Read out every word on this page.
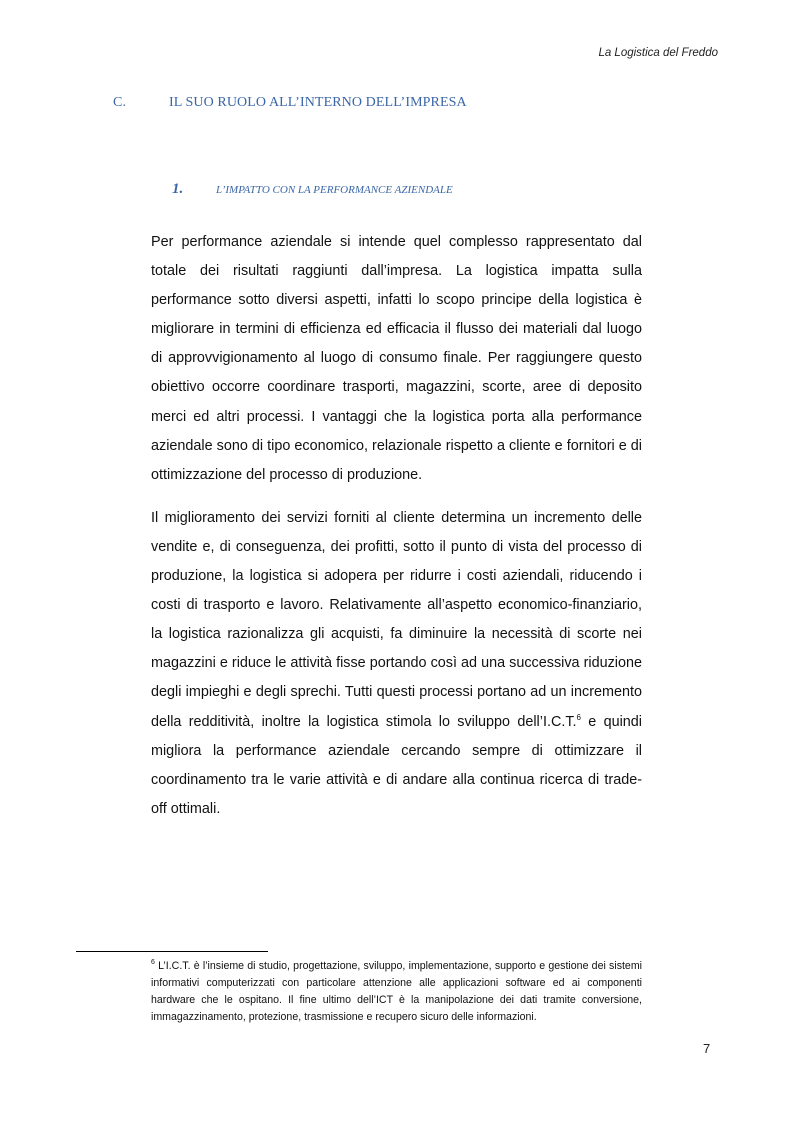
La Logistica del Freddo
C.	IL SUO RUOLO ALL’INTERNO DELL’IMPRESA
1.	L’IMPATTO CON LA PERFORMANCE AZIENDALE

Per performance aziendale si intende quel complesso rappresentato dal totale dei risultati raggiunti dall’impresa. La logistica impatta sulla performance sotto diversi aspetti, infatti lo scopo principe della logistica è migliorare in termini di efficienza ed efficacia il flusso dei materiali dal luogo di approvvigionamento al luogo di consumo finale. Per raggiungere questo obiettivo occorre coordinare trasporti, magazzini, scorte, aree di deposito merci ed altri processi. I vantaggi che la logistica porta alla performance aziendale sono di tipo economico, relazionale rispetto a cliente e fornitori e di ottimizzazione del processo di produzione.

Il miglioramento dei servizi forniti al cliente determina un incremento delle vendite e, di conseguenza, dei profitti, sotto il punto di vista del processo di produzione, la logistica si adopera per ridurre i costi aziendali, riducendo i costi di trasporto e lavoro. Relativamente all’aspetto economico-finanziario, la logistica razionalizza gli acquisti, fa diminuire la necessità di scorte nei magazzini e riduce le attività fisse portando così ad una successiva riduzione degli impieghi e degli sprechi. Tutti questi processi portano ad un incremento della redditività, inoltre la logistica stimola lo sviluppo dell’I.C.T.$^6$ e quindi migliora la performance aziendale cercando sempre di ottimizzare il coordinamento tra le varie attività e di andare alla continua ricerca di trade-off ottimali.

$^6$ L’I.C.T. è l’insieme di studio, progettazione, sviluppo, implementazione, supporto e gestione dei sistemi informativi computerizzati con particolare attenzione alle applicazioni software ed ai componenti hardware che le ospitano. Il fine ultimo dell’ICT è la manipolazione dei dati tramite conversione, immagazzinamento, protezione, trasmissione e recupero sicuro delle informazioni.
7
